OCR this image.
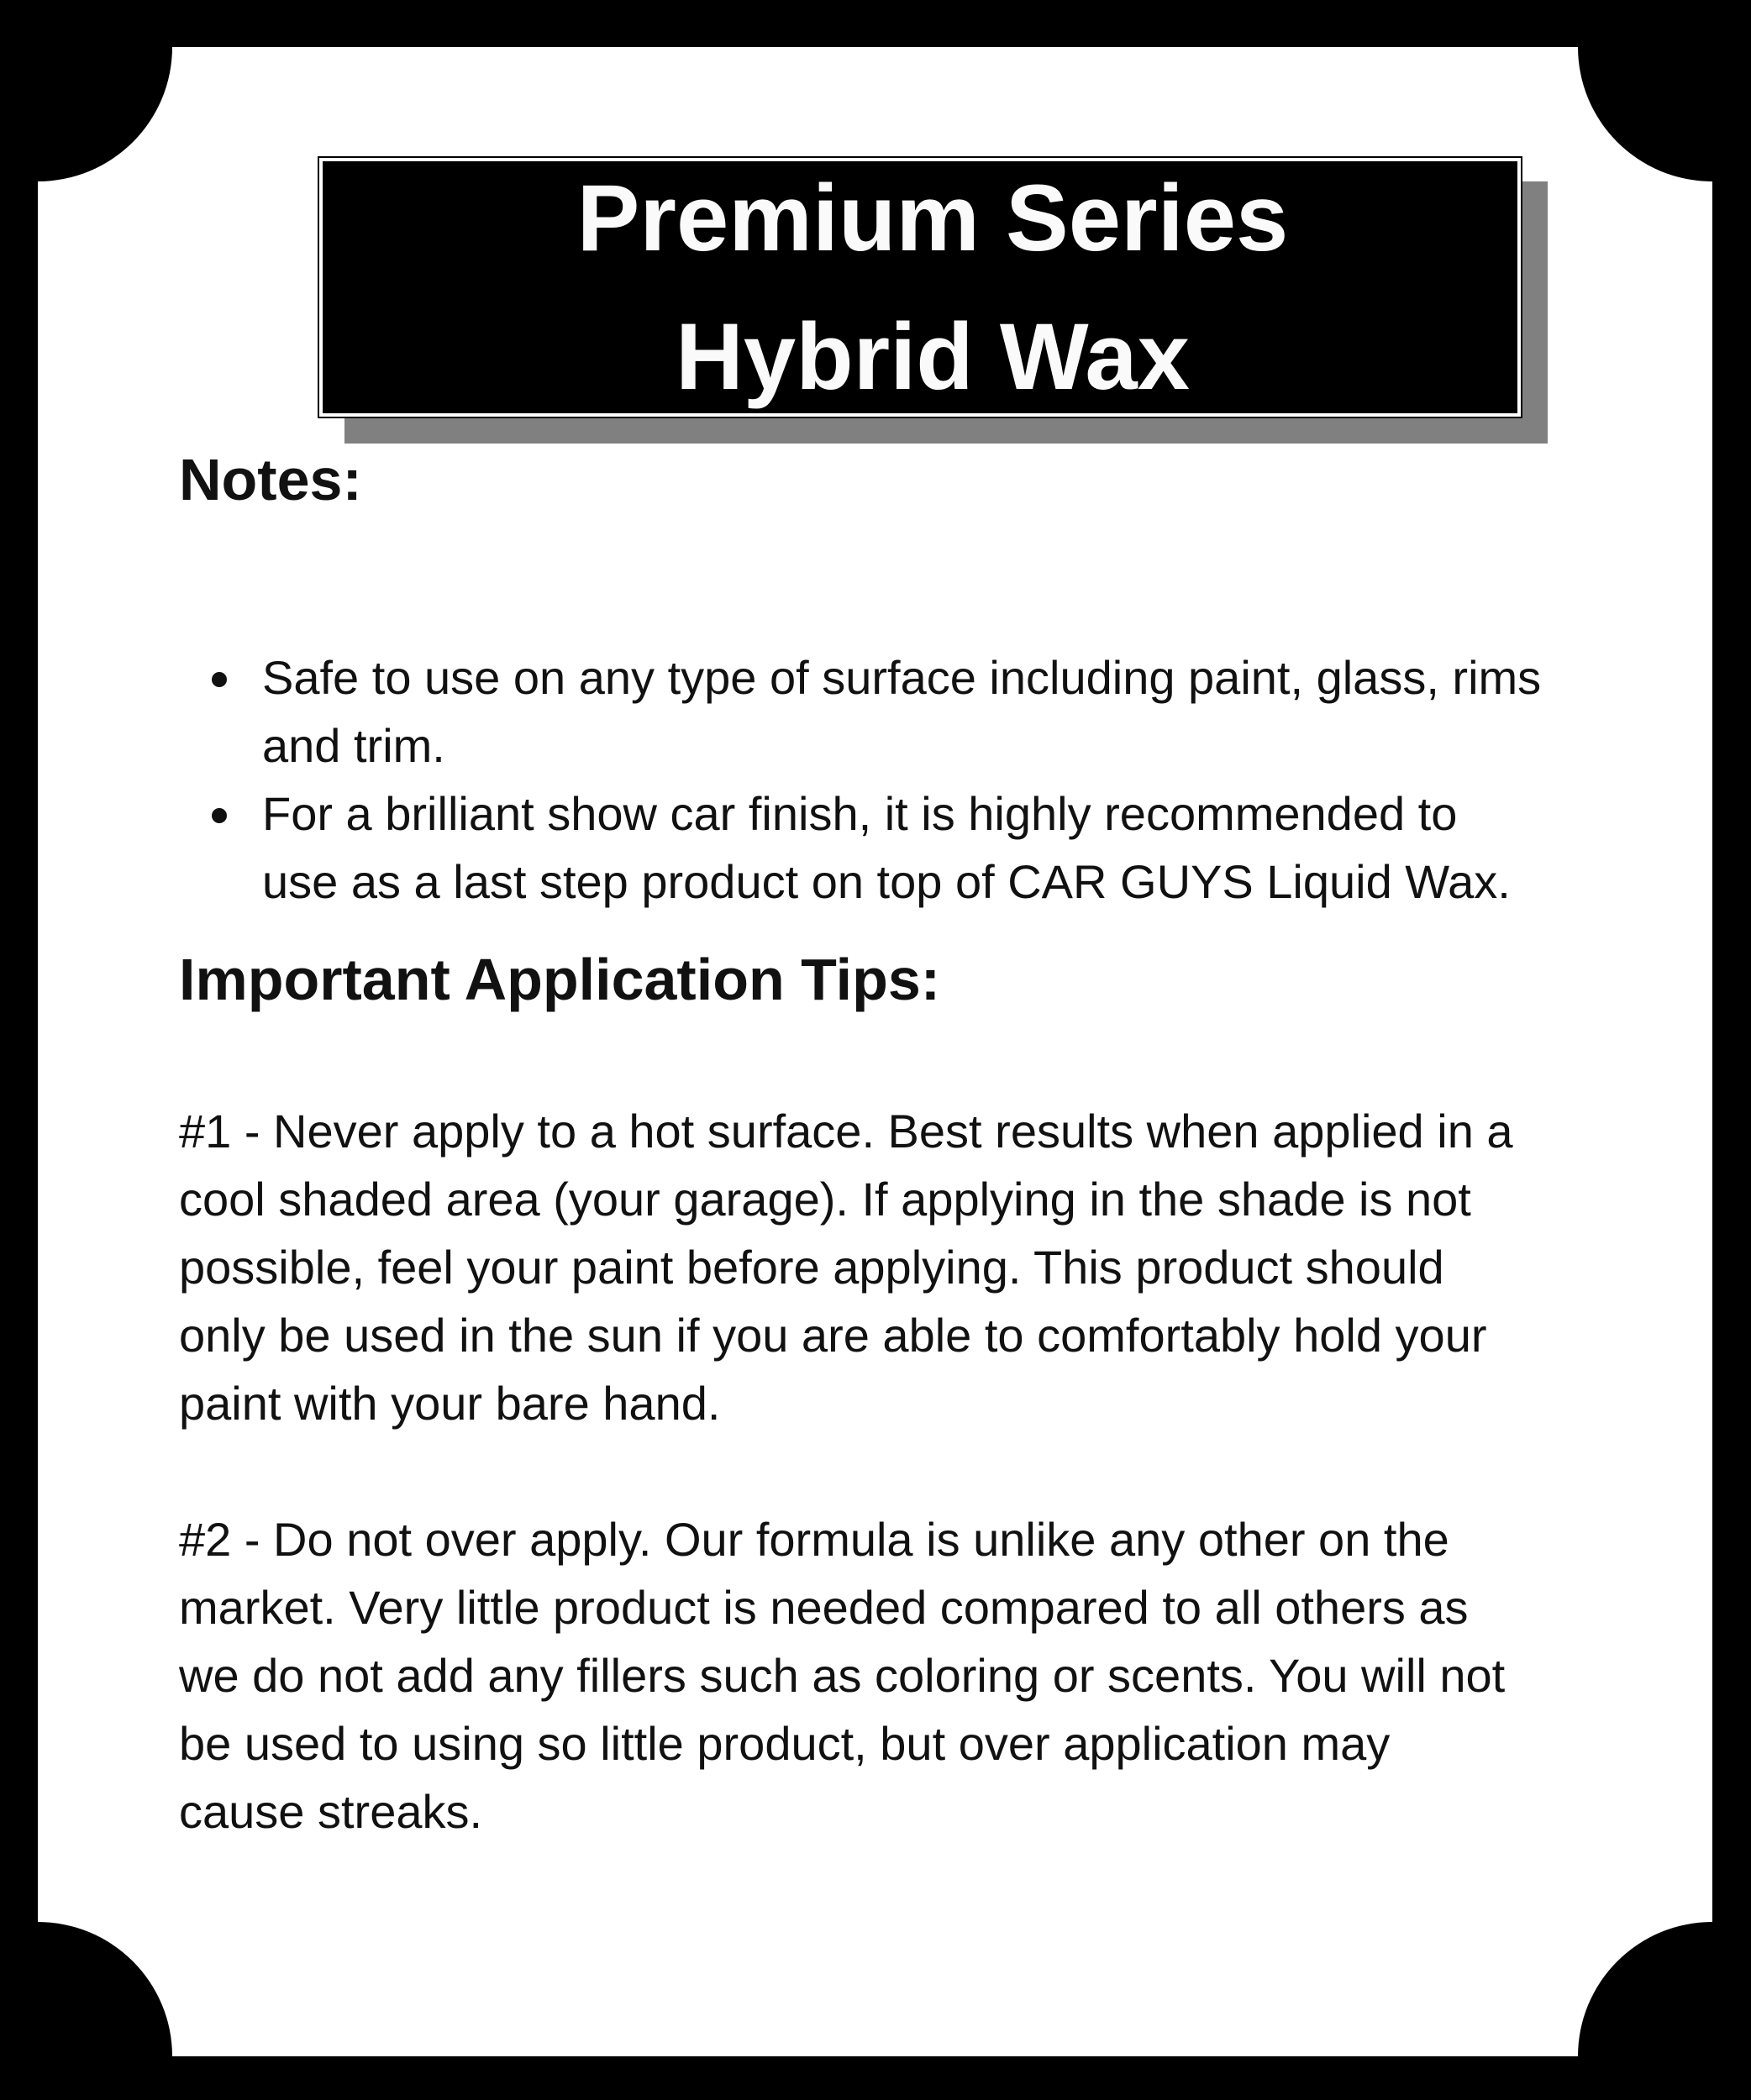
Premium Series
Hybrid Wax
Notes:
Safe to use on any type of surface including paint, glass, rims
and trim.
For a brilliant show car finish, it is highly recommended to
use as a last step product on top of CAR GUYS Liquid Wax.
Important Application Tips:

#1 - Never apply to a hot surface. Best results when applied in a
cool shaded area (your garage). If applying in the shade is not
possible, feel your paint before applying. This product should
only be used in the sun if you are able to comfortably hold your
paint with your bare hand.

#2 - Do not over apply. Our formula is unlike any other on the
market. Very little product is needed compared to all others as
we do not add any fillers such as coloring or scents. You will not
be used to using so little product, but over application may
cause streaks.
